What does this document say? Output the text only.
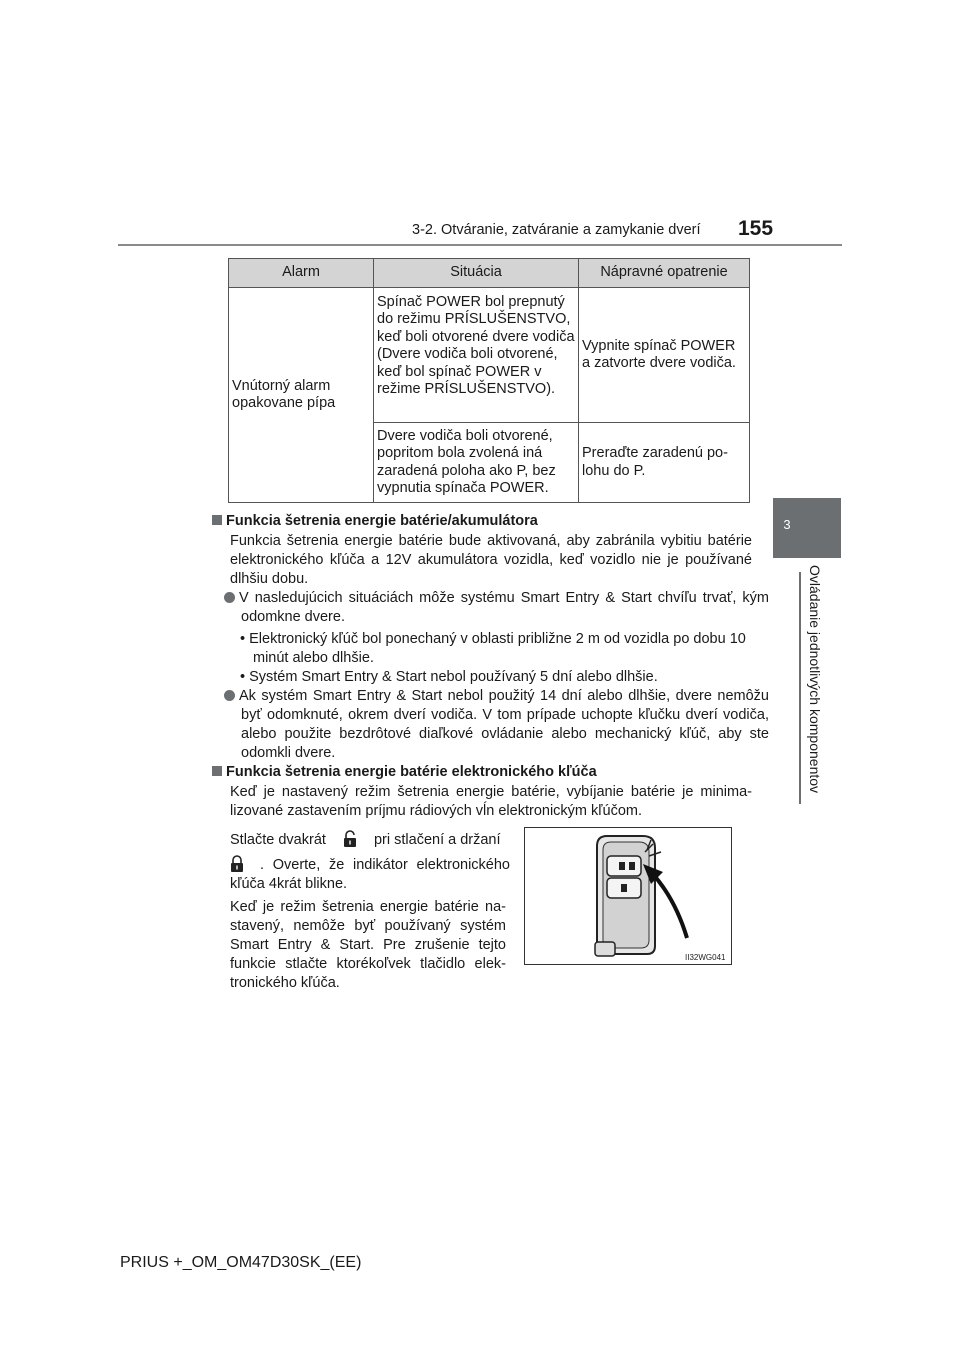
3-2. Otváranie, zatváranie a zamykanie dverí 155
3
Ovládanie jednotlivých komponentov
Alarm	Situácia	Nápravné opatrenie
Vnútorný alarm opakovane pípa	Spínač POWER bol prepnutý do režimu PRÍSLUŠENSTVO, keď boli otvorené dvere vodiča (Dvere vodiča boli otvorené, keď bol spínač POWER v režime PRÍSLUŠENSTVO).	Vypnite spínač POWER a zatvorte dvere vodiča.
	Dvere vodiča boli otvorené, popritom bola zvolená iná zaradená poloha ako P, bez vypnutia spínača POWER.	Preraďte zaradenú polohu do P.
Funkcia šetrenia energie batérie/akumulátora
Funkcia šetrenia energie batérie bude aktivovaná, aby zabránila vybitiu batérie elektronického kľúča a 12V akumulátora vozidla, keď vozidlo nie je používané dlhšiu dobu.
V nasledujúcich situáciách môže systému Smart Entry & Start chvíľu trvať, kým odomkne dvere.
• Elektronický kľúč bol ponechaný v oblasti približne 2 m od vozidla po dobu 10 minút alebo dlhšie.
• Systém Smart Entry & Start nebol používaný 5 dní alebo dlhšie.
Ak systém Smart Entry & Start nebol použitý 14 dní alebo dlhšie, dvere nemôžu byť odomknuté, okrem dverí vodiča. V tom prípade uchopte kľučku dverí vodiča, alebo použite bezdrôtové diaľkové ovládanie alebo mechanický kľúč, aby ste odomkli dvere.
Funkcia šetrenia energie batérie elektronického kľúča
Keď je nastavený režim šetrenia energie batérie, vybíjanie batérie je minimalizované zastavením príjmu rádiových vĺn elektronickým kľúčom.
Stlačte dvakrát	pri stlačení a držaní
. Overte, že indikátor elektronického kľúča 4krát blikne.
Keď je režim šetrenia energie batérie nastavený, nemôže byť používaný systém Smart Entry & Start. Pre zrušenie tejto funkcie stlačte ktorékoľvek tlačidlo elektronického kľúča.
II32WG041
PRIUS +_OM_OM47D30SK_(EE)
